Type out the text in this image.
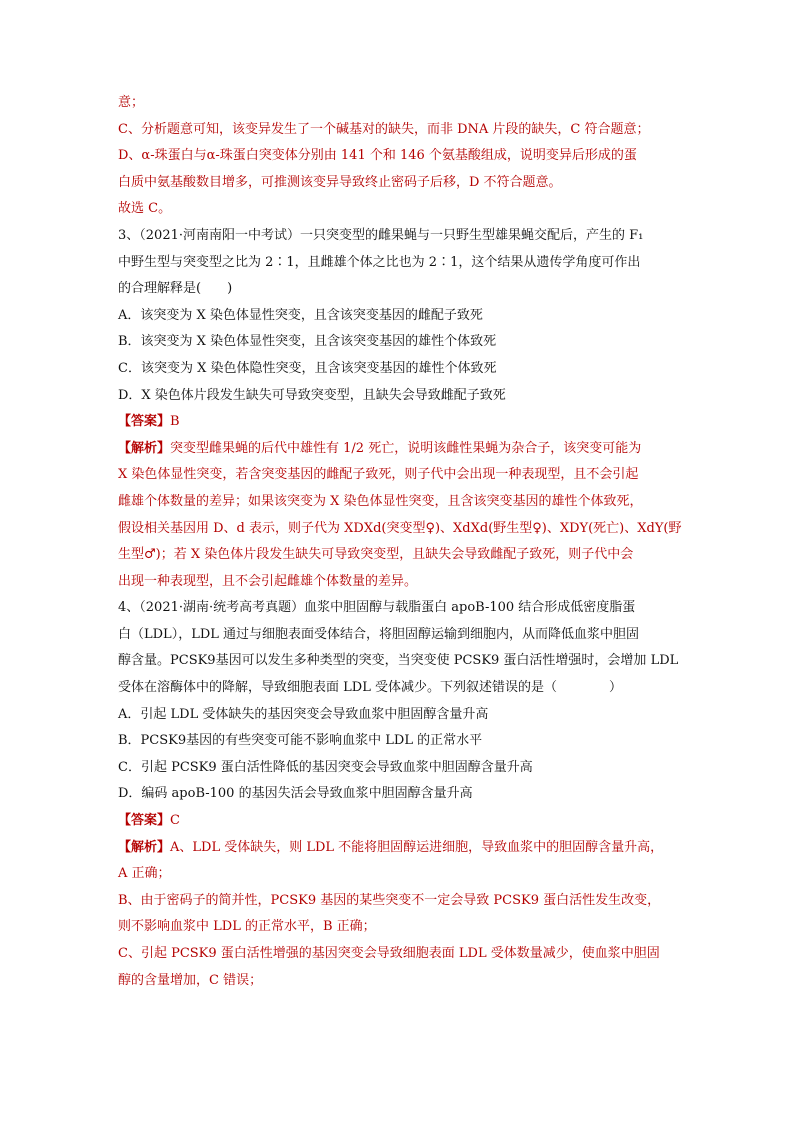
意；
C、分析题意可知，该变异发生了一个碱基对的缺失，而非 DNA 片段的缺失，C 符合题意；
D、α-珠蛋白与α-珠蛋白突变体分别由 141 个和 146 个氨基酸组成，说明变异后形成的蛋
白质中氨基酸数目增多，可推测该变异导致终止密码子后移，D 不符合题意。
故选 C。
3、（2021·河南南阳一中考试）一只突变型的雌果蝇与一只野生型雄果蝇交配后，产生的 F₁
中野生型与突变型之比为 2∶1，且雌雄个体之比也为 2∶1，这个结果从遗传学角度可作出
的合理解释是(　　)
A．该突变为 X 染色体显性突变，且含该突变基因的雌配子致死
B．该突变为 X 染色体显性突变，且含该突变基因的雄性个体致死
C．该突变为 X 染色体隐性突变，且含该突变基因的雄性个体致死
D．X 染色体片段发生缺失可导致突变型，且缺失会导致雌配子致死
【答案】B
【解析】突变型雌果蝇的后代中雄性有 1/2 死亡，说明该雌性果蝇为杂合子，该突变可能为
X 染色体显性突变，若含突变基因的雌配子致死，则子代中会出现一种表现型，且不会引起
雌雄个体数量的差异；如果该突变为 X 染色体显性突变，且含该突变基因的雄性个体致死，
假设相关基因用 D、d 表示，则子代为 XDXd(突变型♀)、XdXd(野生型♀)、XDY(死亡)、XdY(野
生型♂)；若 X 染色体片段发生缺失可导致突变型，且缺失会导致雌配子致死，则子代中会
出现一种表现型，且不会引起雌雄个体数量的差异。
4、（2021·湖南·统考高考真题）血浆中胆固醇与载脂蛋白 apoB-100 结合形成低密度脂蛋
白（LDL），LDL 通过与细胞表面受体结合，将胆固醇运输到细胞内，从而降低血浆中胆固
醇含量。PCSK9基因可以发生多种类型的突变，当突变使 PCSK9 蛋白活性增强时，会增加 LDL
受体在溶酶体中的降解，导致细胞表面 LDL 受体减少。下列叙述错误的是（　　　　）
A．引起 LDL 受体缺失的基因突变会导致血浆中胆固醇含量升高
B．PCSK9基因的有些突变可能不影响血浆中 LDL 的正常水平
C．引起 PCSK9 蛋白活性降低的基因突变会导致血浆中胆固醇含量升高
D．编码 apoB-100 的基因失活会导致血浆中胆固醇含量升高
【答案】C
【解析】A、LDL 受体缺失，则 LDL 不能将胆固醇运进细胞，导致血浆中的胆固醇含量升高，
A 正确；
B、由于密码子的简并性，PCSK9 基因的某些突变不一定会导致 PCSK9 蛋白活性发生改变，
则不影响血浆中 LDL 的正常水平，B 正确；
C、引起 PCSK9 蛋白活性增强的基因突变会导致细胞表面 LDL 受体数量减少，使血浆中胆固
醇的含量增加，C 错误；
